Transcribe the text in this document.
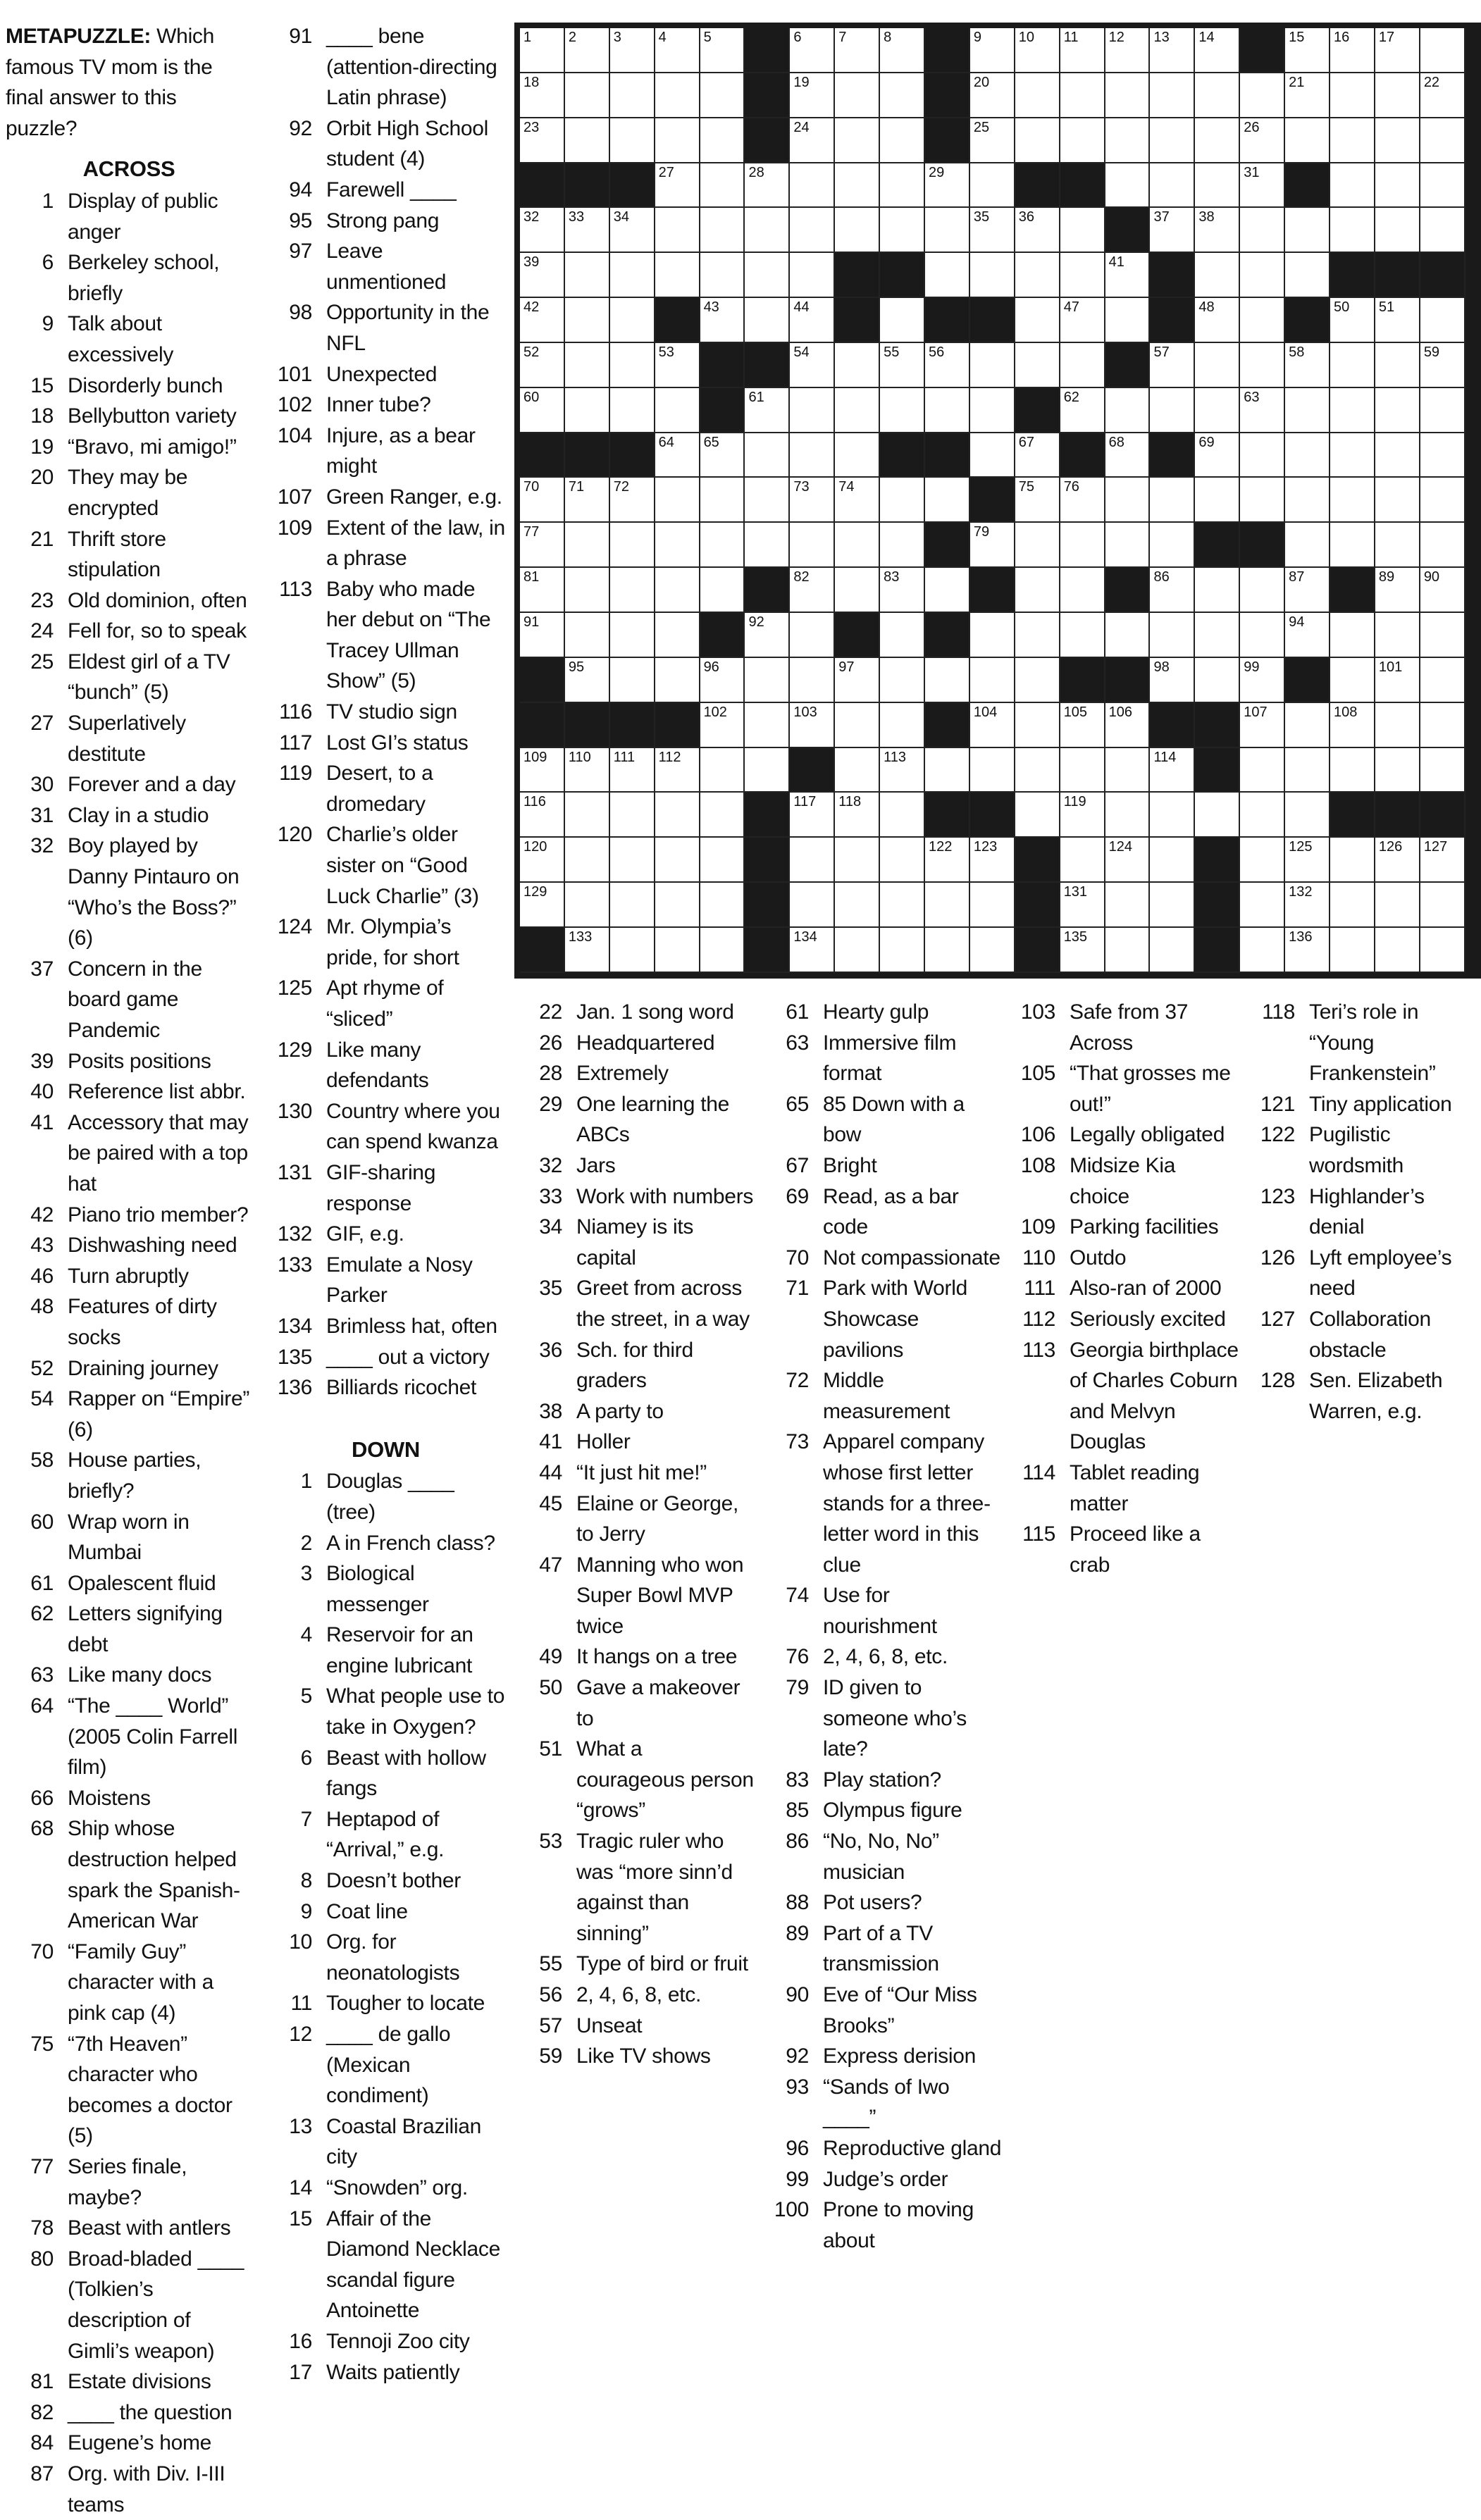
METAPUZZLE: Which famous TV mom is the final answer to this puzzle?
ACROSS
1 Display of public anger
6 Berkeley school, briefly
9 Talk about excessively
15 Disorderly bunch
18 Bellybutton variety
19 “Bravo, mi amigo!”
20 They may be encrypted
21 Thrift store stipulation
23 Old dominion, often
24 Fell for, so to speak
25 Eldest girl of a TV “bunch” (5)
27 Superlatively destitute
30 Forever and a day
31 Clay in a studio
32 Boy played by Danny Pintauro on “Who’s the Boss?” (6)
37 Concern in the board game Pandemic
39 Posits positions
40 Reference list abbr.
41 Accessory that may be paired with a top hat
42 Piano trio member?
43 Dishwashing need
46 Turn abruptly
48 Features of dirty socks
52 Draining journey
54 Rapper on “Empire” (6)
58 House parties, briefly?
60 Wrap worn in Mumbai
61 Opalescent fluid
62 Letters signifying debt
63 Like many docs
64 “The ____ World” (2005 Colin Farrell film)
66 Moistens
68 Ship whose destruction helped spark the Spanish-American War
70 “Family Guy” character with a pink cap (4)
75 “7th Heaven” character who becomes a doctor (5)
77 Series finale, maybe?
78 Beast with antlers
80 Broad-bladed ____ (Tolkien’s description of Gimli’s weapon)
81 Estate divisions
82 ____ the question
84 Eugene’s home
87 Org. with Div. I-III teams
91 ____ bene (attention-directing Latin phrase)
92 Orbit High School student (4)
94 Farewell ____
95 Strong pang
97 Leave unmentioned
98 Opportunity in the NFL
101 Unexpected
102 Inner tube?
104 Injure, as a bear might
107 Green Ranger, e.g.
109 Extent of the law, in a phrase
113 Baby who made her debut on “The Tracey Ullman Show” (5)
116 TV studio sign
117 Lost GI’s status
119 Desert, to a dromedary
120 Charlie’s older sister on “Good Luck Charlie” (3)
124 Mr. Olympia’s pride, for short
125 Apt rhyme of “sliced”
129 Like many defendants
130 Country where you can spend kwanza
131 GIF-sharing response
132 GIF, e.g.
133 Emulate a Nosy Parker
134 Brimless hat, often
135 ____ out a victory
136 Billiards ricochet
DOWN
1 Douglas ____ (tree)
2 A in French class?
3 Biological messenger
4 Reservoir for an engine lubricant
5 What people use to take in Oxygen?
6 Beast with hollow fangs
7 Heptapod of “Arrival,” e.g.
8 Doesn’t bother
9 Coat line
10 Org. for neonatologists
11 Tougher to locate
12 ____ de gallo (Mexican condiment)
13 Coastal Brazilian city
14 “Snowden” org.
15 Affair of the Diamond Necklace scandal figure Antoinette
16 Tennoji Zoo city
17 Waits patiently
1	2	3	4	5	6	7	8	9	10 11 12 13 14	15 16 17
18	19	20	21	22
23	24	25	26
27	28	29	31
32 33 34	35 36	37 38
39	41
42	43	44	47	48	50 51
52	53	54	55 56	57	58	59
60	61	62	63
64 65	67	68	69
70 71 72	73 74	75 76
77	79
81	82	83	86	87	89 90
91	92	94
95	96	97	98	99	101
102	103	104	105 106	107	108
109 110 111 112	113	114
116	117 118	119
120	122 123	124	125	126 127
129	131	132
133	134	135	136
22 Jan. 1 song word
26 Headquartered
28 Extremely
29 One learning the ABCs
32 Jars
33 Work with numbers
34 Niamey is its capital
35 Greet from across the street, in a way
36 Sch. for third graders
38 A party to
41 Holler
44 “It just hit me!”
45 Elaine or George, to Jerry
47 Manning who won Super Bowl MVP twice
49 It hangs on a tree
50 Gave a makeover to
51 What a courageous person “grows”
53 Tragic ruler who was “more sinn’d against than sinning”
55 Type of bird or fruit
56 2, 4, 6, 8, etc.
57 Unseat
59 Like TV shows
61 Hearty gulp
63 Immersive film format
65 85 Down with a bow
67 Bright
69 Read, as a bar code
70 Not compassionate
71 Park with World Showcase pavilions
72 Middle measurement
73 Apparel company whose first letter stands for a three-letter word in this clue
74 Use for nourishment
76 2, 4, 6, 8, etc.
79 ID given to someone who’s late?
83 Play station?
85 Olympus figure
86 “No, No, No” musician
88 Pot users?
89 Part of a TV transmission
90 Eve of “Our Miss Brooks”
92 Express derision
93 “Sands of Iwo ____”
96 Reproductive gland
99 Judge’s order
100 Prone to moving about
103 Safe from 37 Across
105 “That grosses me out!”
106 Legally obligated
108 Midsize Kia choice
109 Parking facilities
110 Outdo
111 Also-ran of 2000
112 Seriously excited
113 Georgia birthplace of Charles Coburn and Melvyn Douglas
114 Tablet reading matter
115 Proceed like a crab
118 Teri’s role in “Young Frankenstein”
121 Tiny application
122 Pugilistic wordsmith
123 Highlander’s denial
126 Lyft employee’s need
127 Collaboration obstacle
128 Sen. Elizabeth Warren, e.g.
